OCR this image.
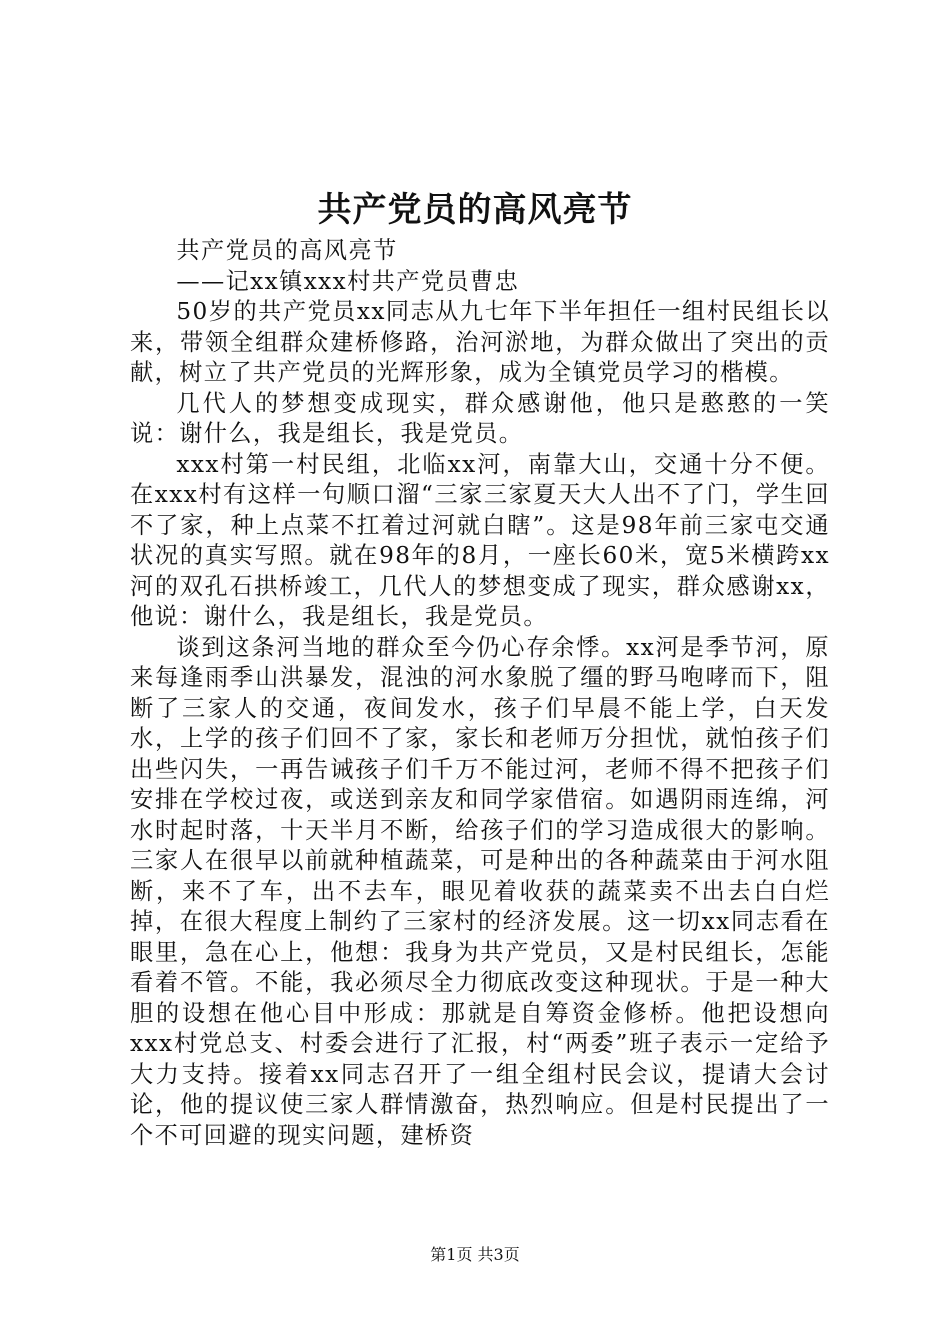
共产党员的高风亮节

共产党员的高风亮节

——记xx镇xxx村共产党员曹忠

50岁的共产党员xx同志从九七年下半年担任一组村民组长以来，带领全组群众建桥修路，治河淤地，为群众做出了突出的贡献，树立了共产党员的光辉形象，成为全镇党员学习的楷模。

几代人的梦想变成现实，群众感谢他，他只是憨憨的一笑说：谢什么，我是组长，我是党员。

xxx村第一村民组，北临xx河，南靠大山，交通十分不便。在xxx村有这样一句顺口溜“三家三家夏天大人出不了门，学生回不了家，种上点菜不扛着过河就白瞎”。这是98年前三家屯交通状况的真实写照。就在98年的8月，一座长60米，宽5米横跨xx河的双孔石拱桥竣工，几代人的梦想变成了现实，群众感谢xx，他说：谢什么，我是组长，我是党员。

谈到这条河当地的群众至今仍心存余悸。xx河是季节河，原来每逢雨季山洪暴发，混浊的河水象脱了缰的野马咆哮而下，阻断了三家人的交通，夜间发水，孩子们早晨不能上学，白天发水，上学的孩子们回不了家，家长和老师万分担忧，就怕孩子们出些闪失，一再告诫孩子们千万不能过河，老师不得不把孩子们安排在学校过夜，或送到亲友和同学家借宿。如遇阴雨连绵，河水时起时落，十天半月不断，给孩子们的学习造成很大的影响。三家人在很早以前就种植蔬菜，可是种出的各种蔬菜由于河水阻断，来不了车，出不去车，眼见着收获的蔬菜卖不出去白白烂掉，在很大程度上制约了三家村的经济发展。这一切xx同志看在眼里，急在心上，他想：我身为共产党员，又是村民组长，怎能看着不管。不能，我必须尽全力彻底改变这种现状。于是一种大胆的设想在他心目中形成：那就是自筹资金修桥。他把设想向xxx村党总支、村委会进行了汇报，村“两委”班子表示一定给予大力支持。接着xx同志召开了一组全组村民会议，提请大会讨论，他的提议使三家人群情激奋，热烈响应。但是村民提出了一个不可回避的现实问题，建桥资

第1页 共3页
